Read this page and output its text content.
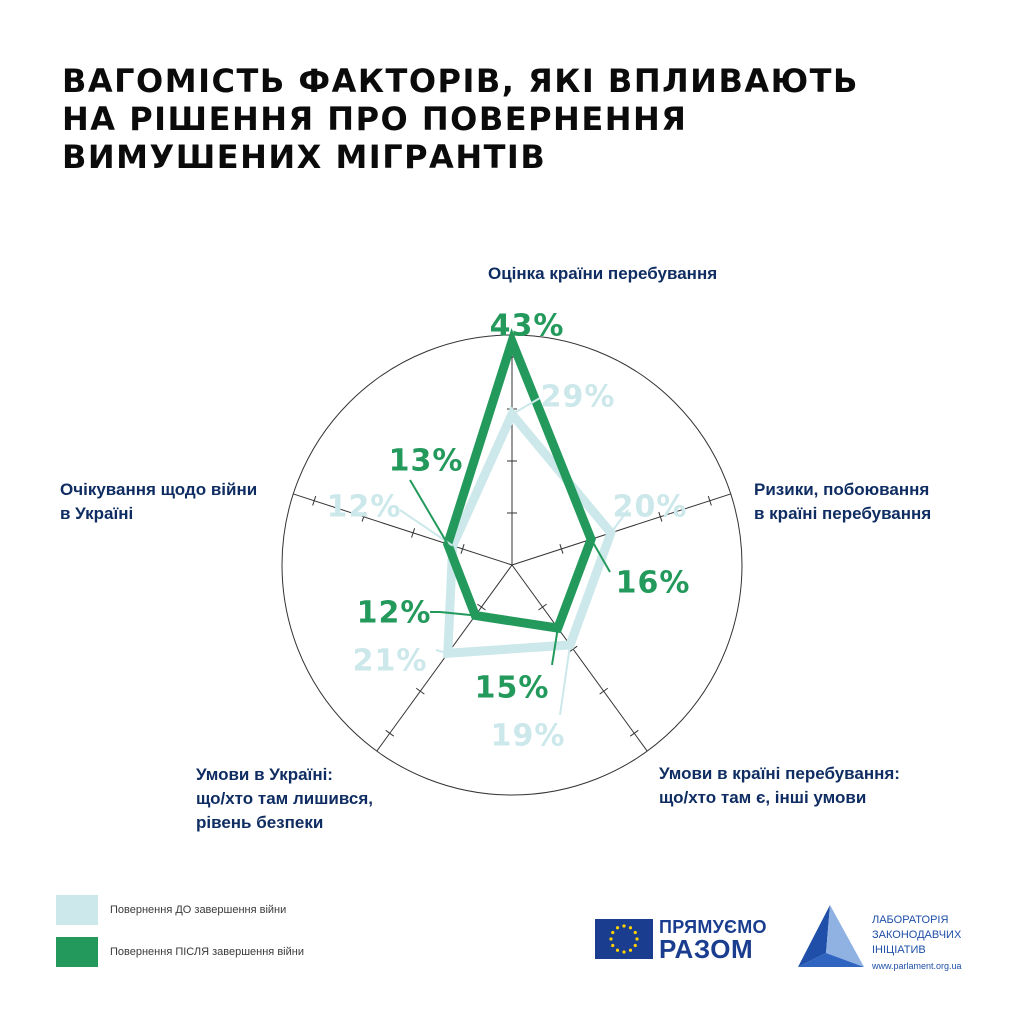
ВАГОМІСТЬ ФАКТОРІВ, ЯКІ ВПЛИВАЮТЬ
НА РІШЕННЯ ПРО ПОВЕРНЕННЯ
ВИМУШЕНИХ МІГРАНТІВ
29%
20%
19%
21%
12%
43%
16%
15%
12%
13%
Оцінка країни перебування
Ризики, побоювання
в країні перебування
Умови в країні перебування:
що/хто там є, інші умови
Умови в Україні:
що/хто там лишився,
рівень безпеки
Очікування щодо війни
в Україні
Повернення ДО завершення війни
Повернення ПІСЛЯ завершення війни
ПРЯМУЄМО
РАЗОМ
ЛАБОРАТОРІЯ
ЗАКОНОДАВЧИХ
ІНІЦІАТИВ
www.parlament.org.ua
